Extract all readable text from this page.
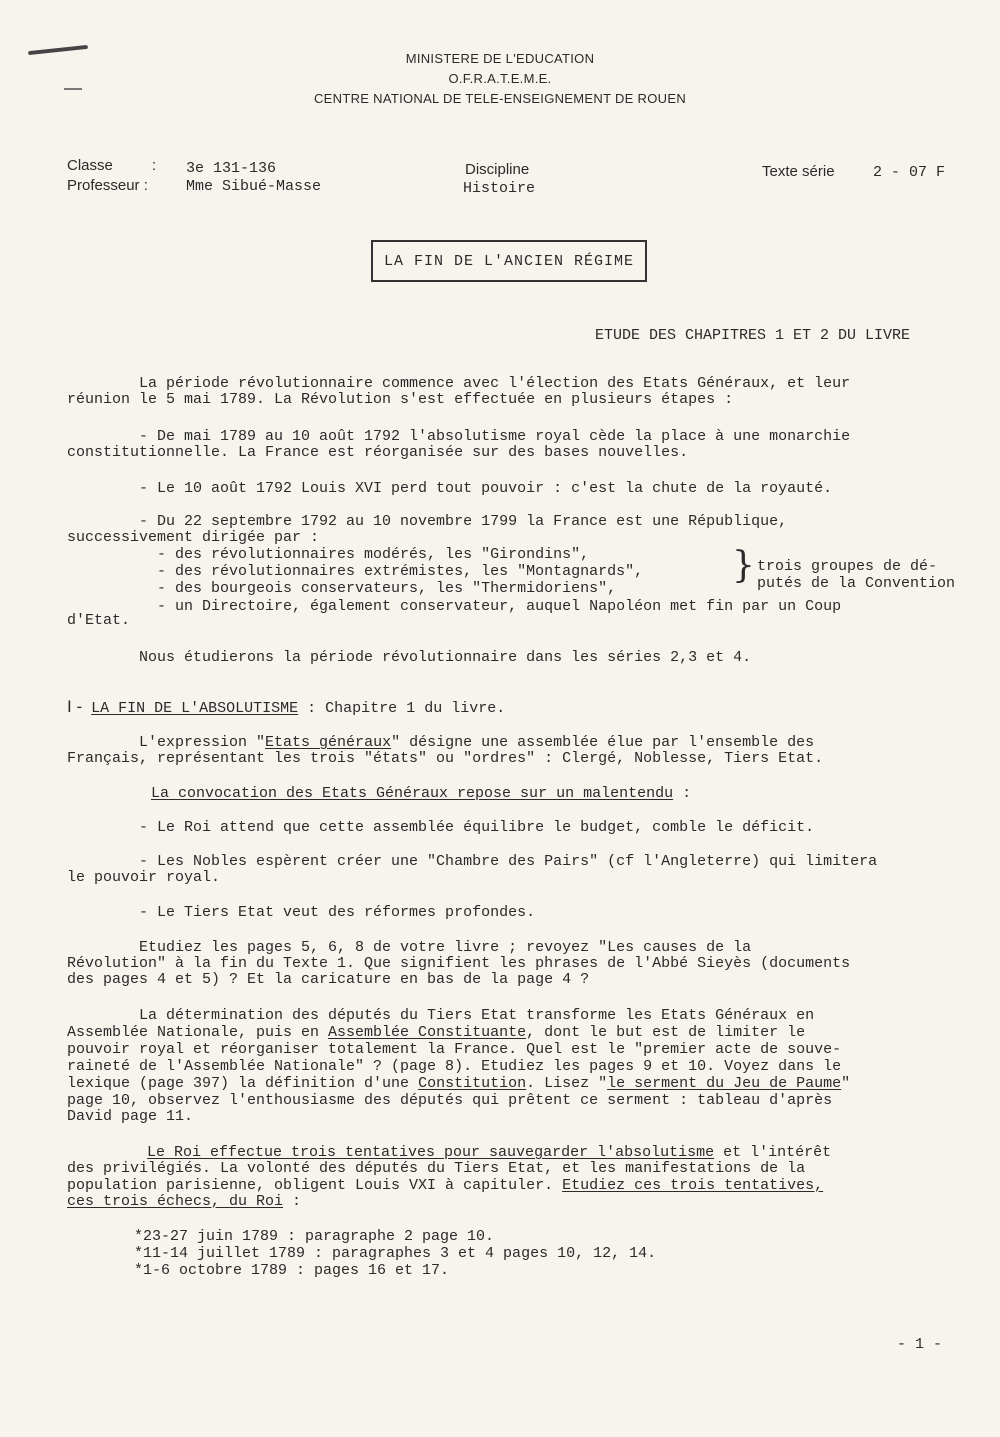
MINISTERE DE L'EDUCATION
O.F.R.A.T.E.M.E.
CENTRE NATIONAL DE TELE-ENSEIGNEMENT DE ROUEN
Classe	: 3e 131-136
Professeur :	Mme Sibué-Masse
Discipline
Histoire
Texte série	2 - 07 F
LA FIN DE L'ANCIEN RÉGIME
ETUDE DES CHAPITRES 1 ET 2 DU LIVRE
La période révolutionnaire commence avec l'élection des Etats Généraux, et leur
réunion le 5 mai 1789. La Révolution s'est effectuée en plusieurs étapes :
- De mai 1789 au 10 août 1792 l'absolutisme royal cède la place à une monarchie
constitutionnelle. La France est réorganisée sur des bases nouvelles.
- Le 10 août 1792 Louis XVI perd tout pouvoir : c'est la chute de la royauté.
- Du 22 septembre 1792 au 10 novembre 1799 la France est une République,
successivement dirigée par :
- des révolutionnaires modérés, les "Girondins",
- des révolutionnaires extrémistes, les "Montagnards",
- des bourgeois conservateurs, les "Thermidoriens",
- un Directoire, également conservateur, auquel Napoléon met fin par un Coup
d'Etat.
} trois groupes de dé-
putés de la Convention
Nous étudierons la période révolutionnaire dans les séries 2,3 et 4.
I - LA FIN DE L'ABSOLUTISME : Chapitre 1 du livre.
L'expression "Etats généraux" désigne une assemblée élue par l'ensemble des
Français, représentant les trois "états" ou "ordres" : Clergé, Noblesse, Tiers Etat.
La convocation des Etats Généraux repose sur un malentendu :
- Le Roi attend que cette assemblée équilibre le budget, comble le déficit.
- Les Nobles espèrent créer une "Chambre des Pairs" (cf l'Angleterre) qui limitera
le pouvoir royal.
- Le Tiers Etat veut des réformes profondes.
Etudiez les pages 5, 6, 8 de votre livre ; revoyez "Les causes de la
Révolution" à la fin du Texte 1. Que signifient les phrases de l'Abbé Sieyès (documents
des pages 4 et 5) ? Et la caricature en bas de la page 4 ?
La détermination des députés du Tiers Etat transforme les Etats Généraux en
Assemblée Nationale, puis en Assemblée Constituante, dont le but est de limiter le
pouvoir royal et réorganiser totalement la France. Quel est le "premier acte de souve-
raineté de l'Assemblée Nationale" ? (page 8). Etudiez les pages 9 et 10. Voyez dans le
lexique (page 397) la définition d'une Constitution. Lisez "le serment du Jeu de Paume"
page 10, observez l'enthousiasme des députés qui prêtent ce serment : tableau d'après
David page 11.
Le Roi effectue trois tentatives pour sauvegarder l'absolutisme et l'intérêt
des privilégiés. La volonté des députés du Tiers Etat, et les manifestations de la
population parisienne, obligent Louis VXI à capituler. Etudiez ces trois tentatives,
ces trois échecs, du Roi :
*23-27 juin 1789 : paragraphe 2 page 10.
*11-14 juillet 1789 : paragraphes 3 et 4 pages 10, 12, 14.
*1-6 octobre 1789 : pages 16 et 17.
- 1 -
